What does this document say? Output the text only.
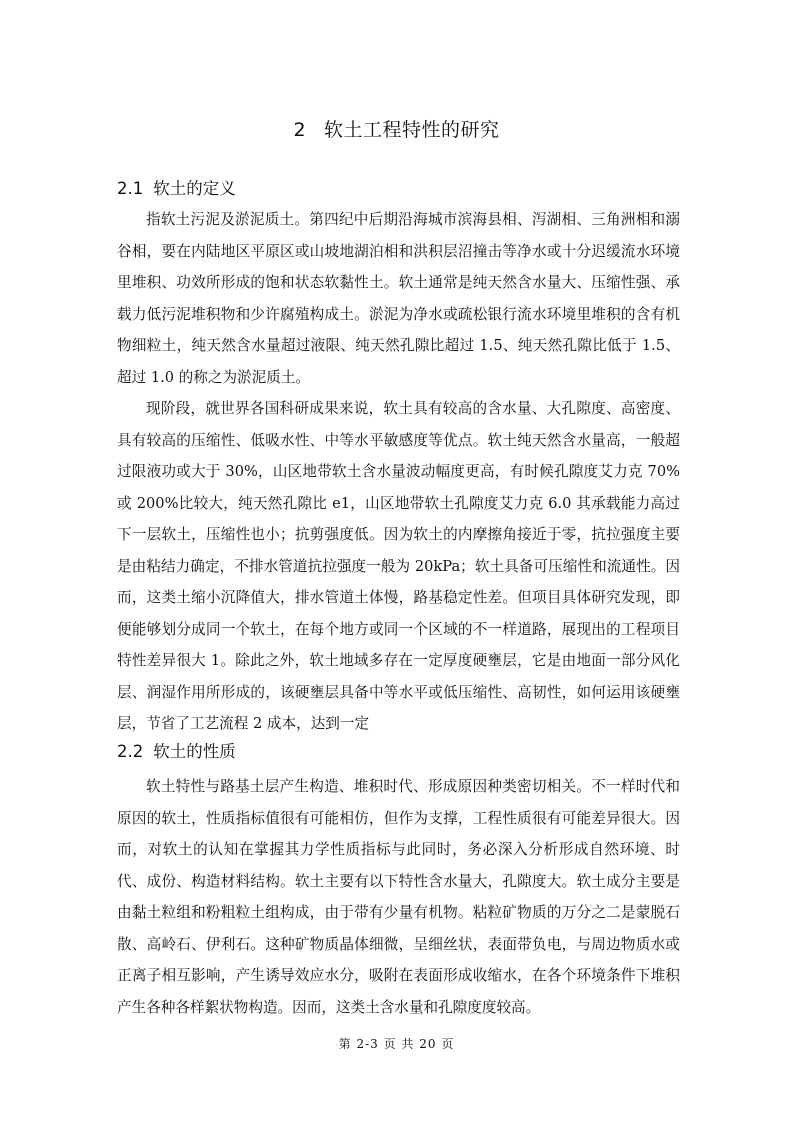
2 软土工程特性的研究
2.1 软土的定义

指软土污泥及淤泥质土。第四纪中后期沿海城市滨海县相、泻湖相、三角洲相和溺谷相，要在内陆地区平原区或山坡地湖泊相和洪积层沼撞击等净水或十分迟缓流水环境里堆积、功效所形成的饱和状态软黏性土。软土通常是纯天然含水量大、压缩性强、承载力低污泥堆积物和少许腐殖构成土。淤泥为净水或疏松银行流水环境里堆积的含有机物细粒土，纯天然含水量超过液限、纯天然孔隙比超过 1.5、纯天然孔隙比低于 1.5、超过 1.0 的称之为淤泥质土。

现阶段，就世界各国科研成果来说，软土具有较高的含水量、大孔隙度、高密度、具有较高的压缩性、低吸水性、中等水平敏感度等优点。软土纯天然含水量高，一般超过限液功或大于 30%，山区地带软土含水量波动幅度更高，有时候孔隙度艾力克 70%或 200%比较大，纯天然孔隙比 e1，山区地带软土孔隙度艾力克 6.0 其承载能力高过下一层软土，压缩性也小；抗剪强度低。因为软土的内摩擦角接近于零，抗拉强度主要是由粘结力确定，不排水管道抗拉强度一般为 20kPa；软土具备可压缩性和流通性。因而，这类土缩小沉降值大，排水管道土体慢，路基稳定性差。但项目具体研究发现，即便能够划分成同一个软土，在每个地方或同一个区域的不一样道路，展现出的工程项目特性差异很大 1。除此之外，软土地域多存在一定厚度硬壅层，它是由地面一部分风化层、润湿作用所形成的，该硬壅层具备中等水平或低压缩性、高韧性，如何运用该硬壅层，节省了工艺流程 2 成本，达到一定

2.2 软土的性质

软土特性与路基土层产生构造、堆积时代、形成原因种类密切相关。不一样时代和原因的软土，性质指标值很有可能相仿，但作为支撑，工程性质很有可能差异很大。因而，对软土的认知在掌握其力学性质指标与此同时，务必深入分析形成自然环境、时代、成份、构造材料结构。软土主要有以下特性含水量大，孔隙度大。软土成分主要是由黏土粒组和粉粗粒土组构成，由于带有少量有机物。粘粒矿物质的万分之二是蒙脱石散、高岭石、伊利石。这种矿物质晶体细微，呈细丝状，表面带负电，与周边物质水或正离子相互影响，产生诱导效应水分，吸附在表面形成收缩水，在各个环境条件下堆积产生各种各样絮状物构造。因而，这类土含水量和孔隙度度较高。

第 2-3 页 共 20 页
